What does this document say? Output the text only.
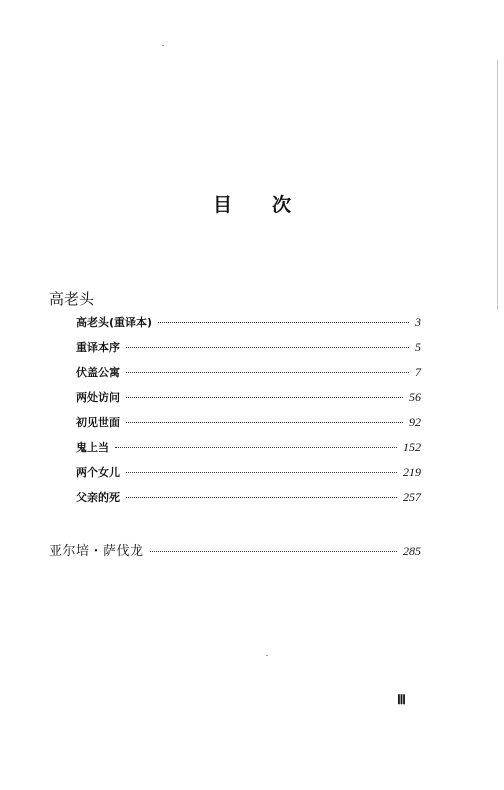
目 次
高老头
高老头(重译本)	3
重译本序	5
伏盖公寓	7
两处访问	56
初见世面	92
鬼上当	152
两个女儿	219
父亲的死	257
亚尔培・萨伐龙	285
Ⅲ
